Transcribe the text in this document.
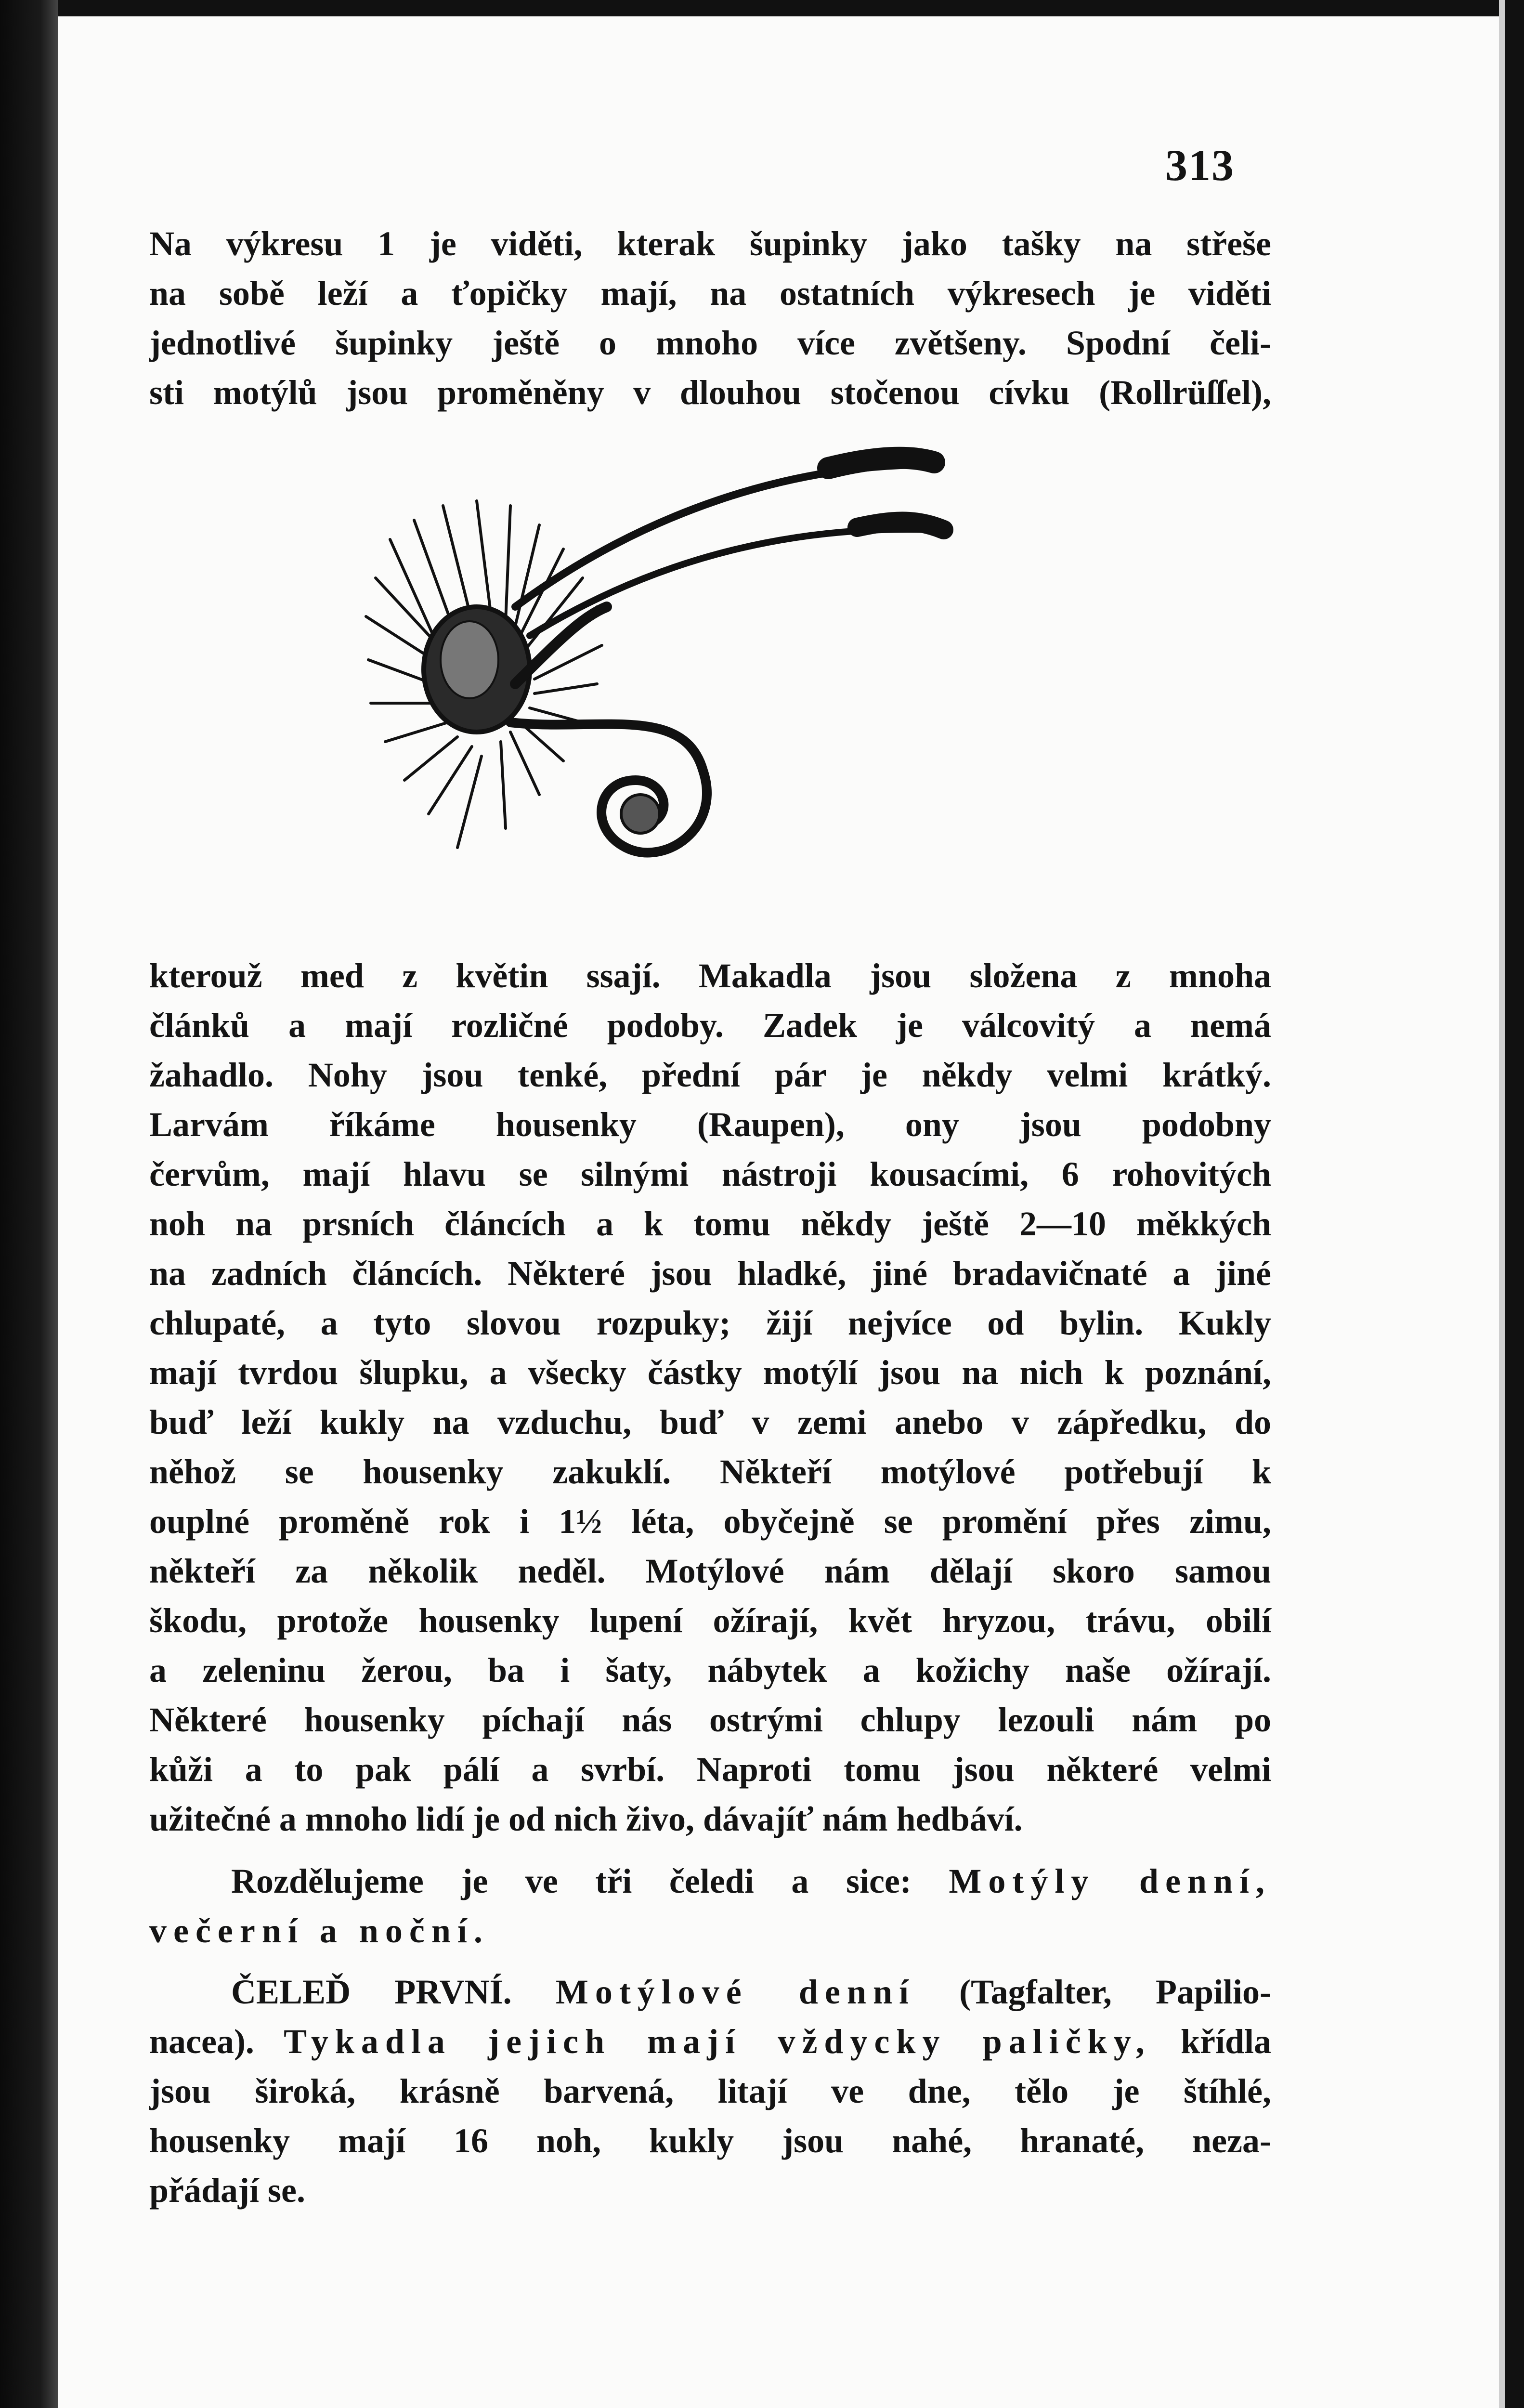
313
Na výkresu 1 je viděti, kterak šupinky jako tašky na střeše
na sobě leží a ťopičky mají, na ostatních výkresech je viděti
jednotlivé šupinky ještě o mnoho více zvětšeny. Spodní čeli-
sti motýlů jsou proměněny v dlouhou stočenou cívku (Rollrüſſel),
kterouž med z květin ssají. Makadla jsou složena z mnoha
článků a mají rozličné podoby. Zadek je válcovitý a nemá
žahadlo. Nohy jsou tenké, přední pár je někdy velmi krátký.
Larvám říkáme housenky (Raupen), ony jsou podobny
červům, mají hlavu se silnými nástroji kousacími, 6 rohovitých
noh na prsních článcích a k tomu někdy ještě 2—10 měkkých
na zadních článcích. Některé jsou hladké, jiné bradavičnaté a jiné
chlupaté, a tyto slovou rozpuky; žijí nejvíce od bylin. Kukly
mají tvrdou šlupku, a všecky částky motýlí jsou na nich k poznání,
buď leží kukly na vzduchu, buď v zemi anebo v zápředku, do
něhož se housenky zakuklí. Někteří motýlové potřebují k
ouplné proměně rok i 1½ léta, obyčejně se promění přes zimu,
někteří za několik neděl. Motýlové nám dělají skoro samou
škodu, protože housenky lupení ožírají, květ hryzou, trávu, obilí
a zeleninu žerou, ba i šaty, nábytek a kožichy naše ožírají.
Některé housenky píchají nás ostrými chlupy lezouli nám po
kůži a to pak pálí a svrbí. Naproti tomu jsou některé velmi
užitečné a mnoho lidí je od nich živo, dávajíť nám hedbáví.
Rozdělujeme je ve tři čeledi a sice: Motýly denní,
večerní a noční.
ČELEĎ PRVNÍ. Motýlové denní (Tagfalter, Papilio-
nacea). Tykadla jejich mají vždycky paličky, křídla
jsou široká, krásně barvená, litají ve dne, tělo je štíhlé,
housenky mají 16 noh, kukly jsou nahé, hranaté, neza-
přádají se.
